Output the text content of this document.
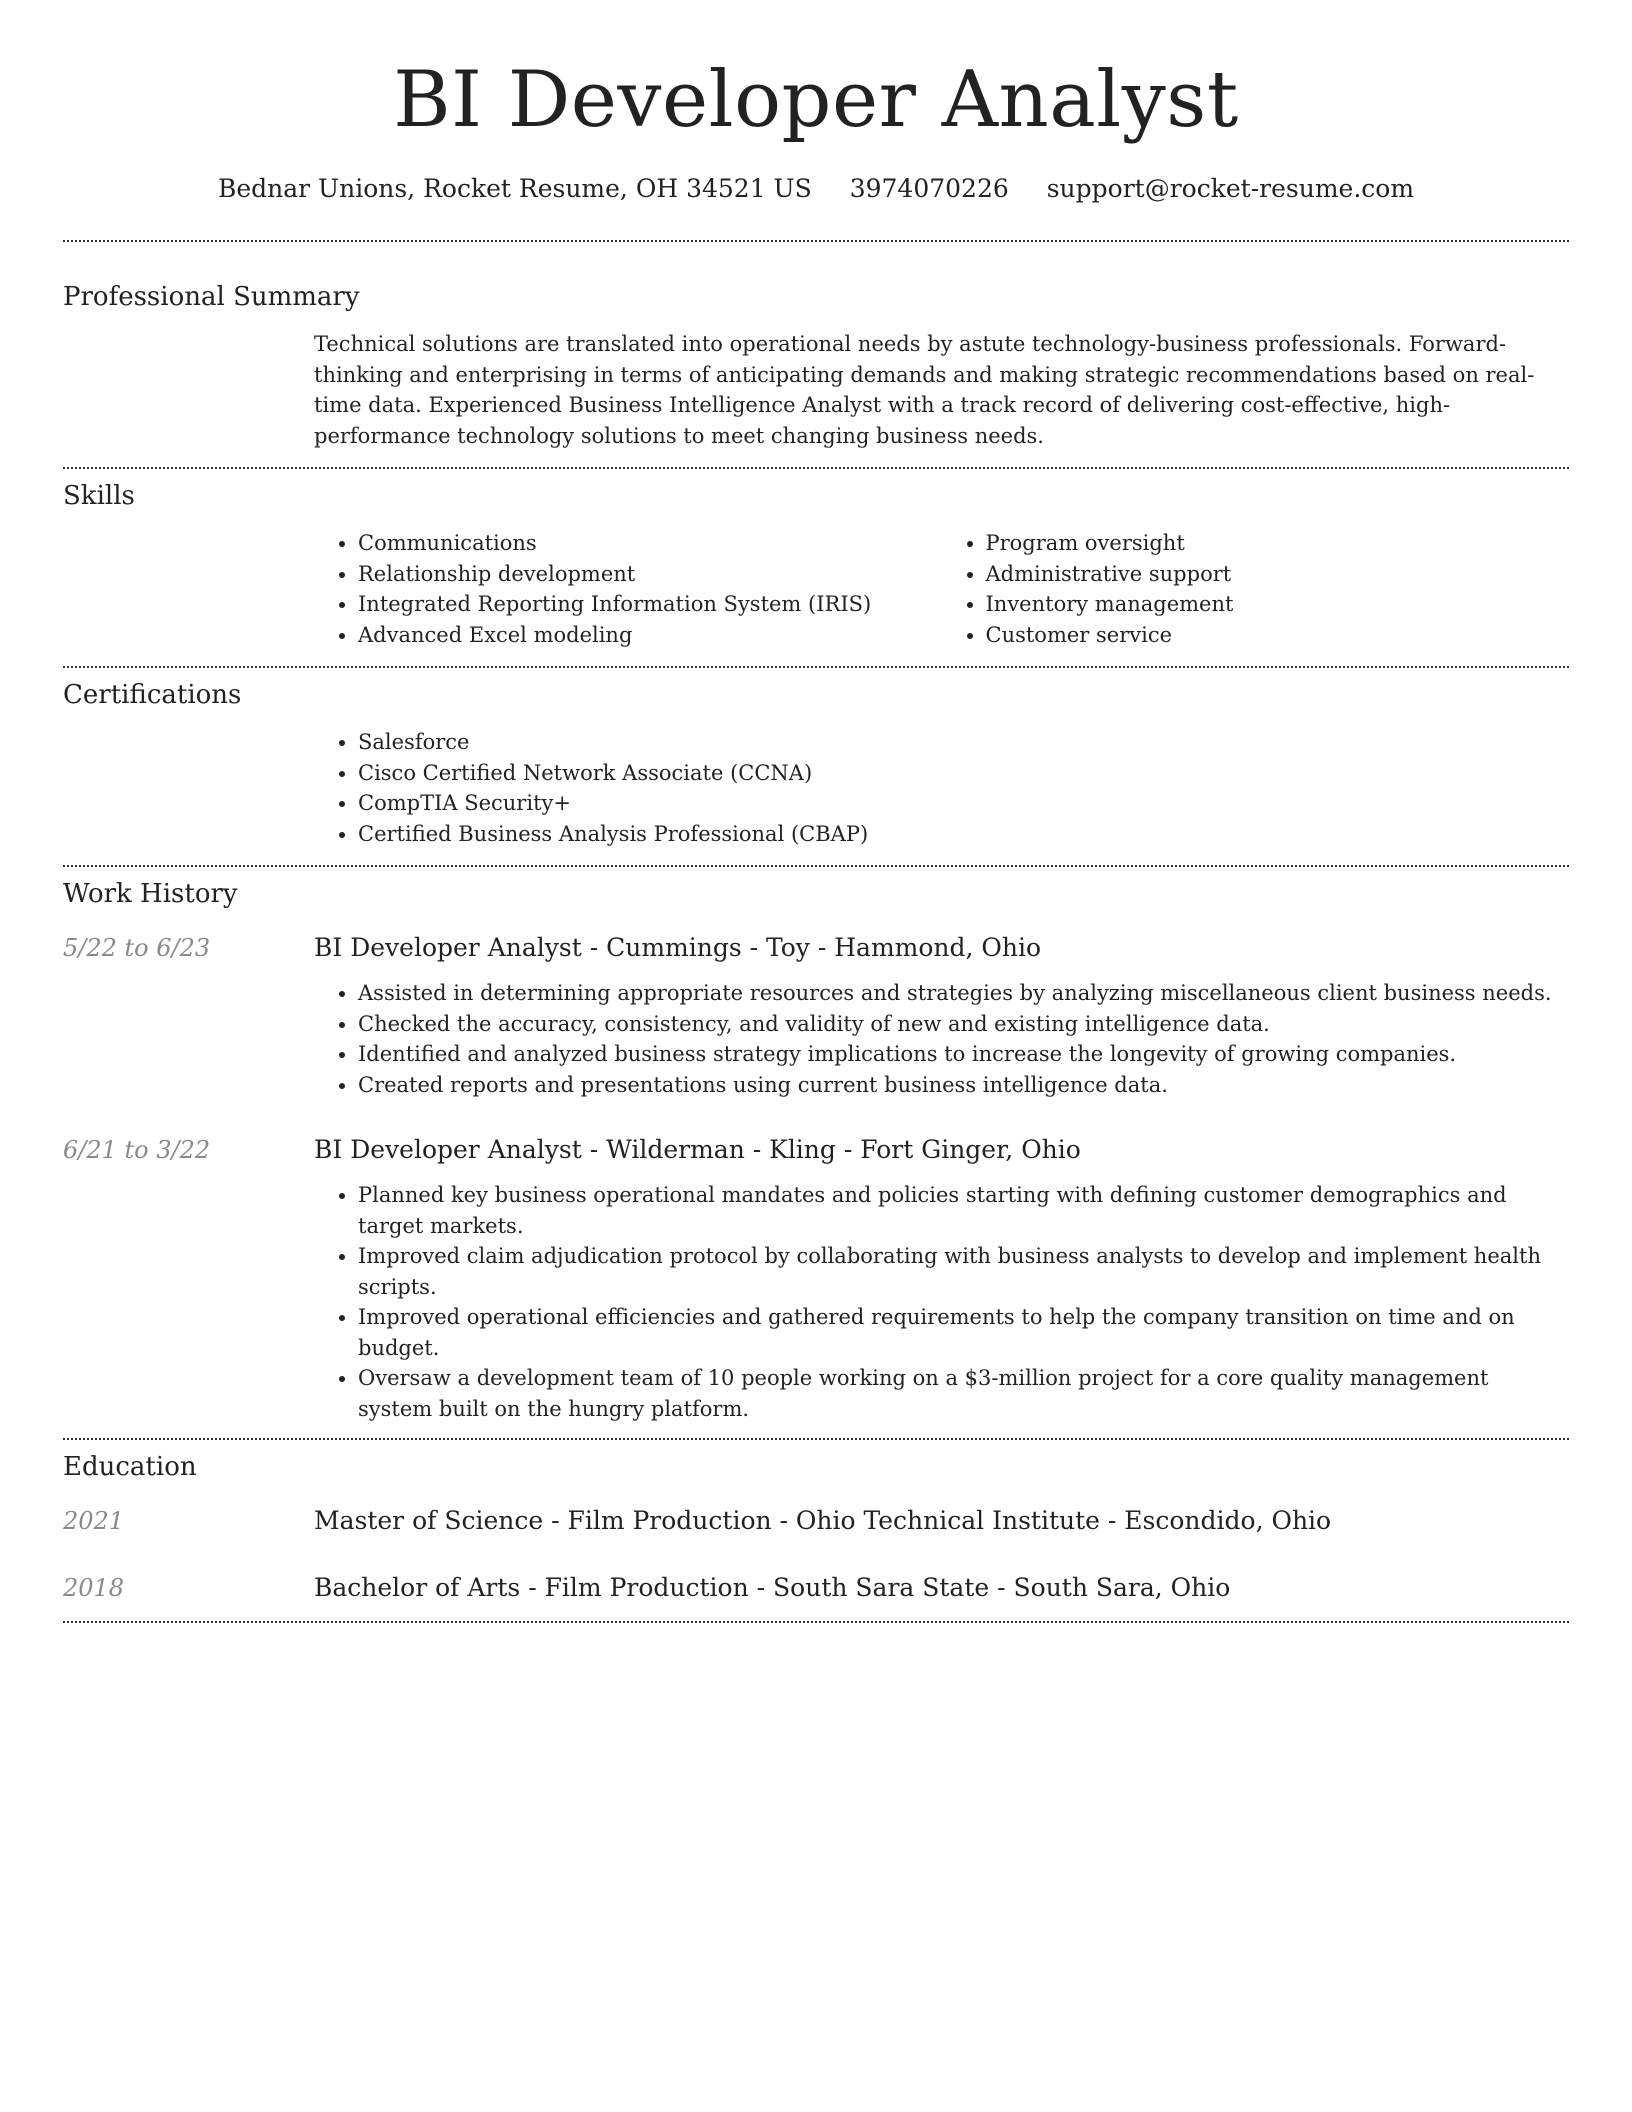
BI Developer Analyst
Bednar Unions, Rocket Resume, OH 34521 US 3974070226 support@rocket-resume.com
Professional Summary

Technical solutions are translated into operational needs by astute technology-business professionals. Forward-thinking and enterprising in terms of anticipating demands and making strategic recommendations based on real-time data. Experienced Business Intelligence Analyst with a track record of delivering cost-effective, high-performance technology solutions to meet changing business needs.

Skills
• Communications
• Relationship development
• Integrated Reporting Information System (IRIS)
• Advanced Excel modeling
• Program oversight
• Administrative support
• Inventory management
• Customer service
Certifications
• Salesforce
• Cisco Certified Network Associate (CCNA)
• CompTIA Security+
• Certified Business Analysis Professional (CBAP)
Work History
5/22 to 6/23	BI Developer Analyst - Cummings - Toy - Hammond, Ohio
• Assisted in determining appropriate resources and strategies by analyzing miscellaneous client business needs.
• Checked the accuracy, consistency, and validity of new and existing intelligence data.
• Identified and analyzed business strategy implications to increase the longevity of growing companies.
• Created reports and presentations using current business intelligence data.
6/21 to 3/22	BI Developer Analyst - Wilderman - Kling - Fort Ginger, Ohio
• Planned key business operational mandates and policies starting with defining customer demographics and target markets.
• Improved claim adjudication protocol by collaborating with business analysts to develop and implement health scripts.
• Improved operational efficiencies and gathered requirements to help the company transition on time and on budget.
• Oversaw a development team of 10 people working on a $3-million project for a core quality management system built on the hungry platform.
Education
2021	Master of Science - Film Production - Ohio Technical Institute - Escondido, Ohio
2018	Bachelor of Arts - Film Production - South Sara State - South Sara, Ohio
